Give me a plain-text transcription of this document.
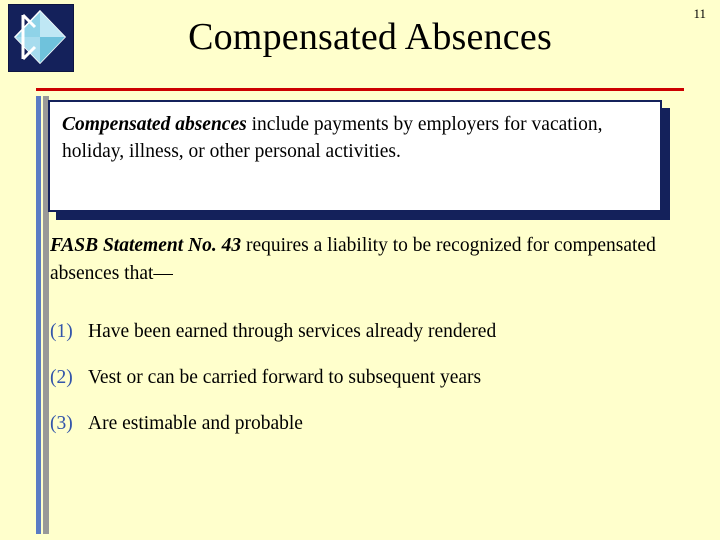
11
Compensated Absences
Compensated absences include payments by employers for vacation, holiday, illness, or other personal activities.
FASB Statement No. 43 requires a liability to be recognized for compensated absences that—
(1) Have been earned through services already rendered
(2) Vest or can be carried forward to subsequent years
(3) Are estimable and probable
